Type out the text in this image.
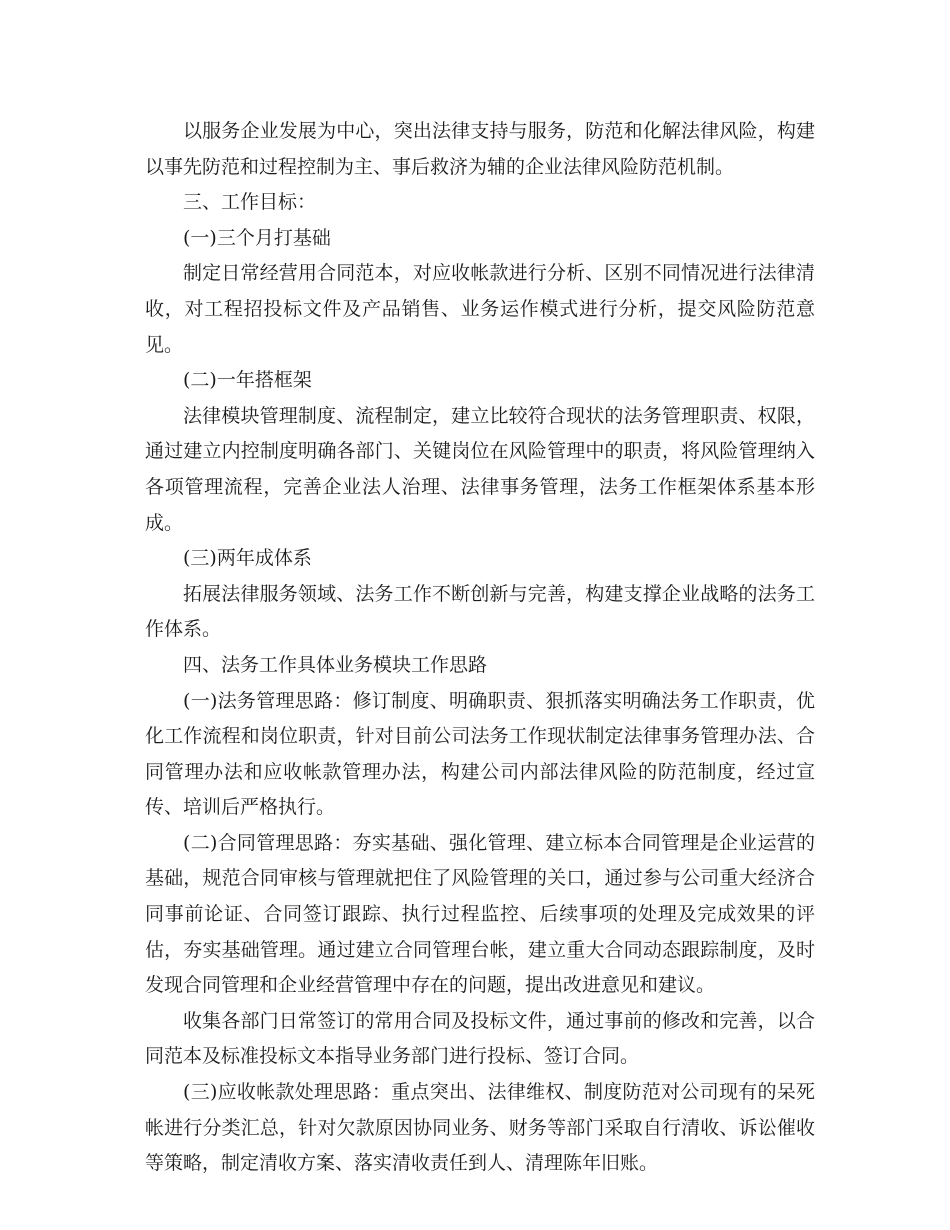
以服务企业发展为中心，突出法律支持与服务，防范和化解法律风险，构建以事先防范和过程控制为主、事后救济为辅的企业法律风险防范机制。

三、工作目标：

(一)三个月打基础

制定日常经营用合同范本，对应收帐款进行分析、区别不同情况进行法律清收，对工程招投标文件及产品销售、业务运作模式进行分析，提交风险防范意见。

(二)一年搭框架

法律模块管理制度、流程制定，建立比较符合现状的法务管理职责、权限，通过建立内控制度明确各部门、关键岗位在风险管理中的职责，将风险管理纳入各项管理流程，完善企业法人治理、法律事务管理，法务工作框架体系基本形成。

(三)两年成体系

拓展法律服务领域、法务工作不断创新与完善，构建支撑企业战略的法务工作体系。

四、法务工作具体业务模块工作思路

(一)法务管理思路：修订制度、明确职责、狠抓落实明确法务工作职责，优化工作流程和岗位职责，针对目前公司法务工作现状制定法律事务管理办法、合同管理办法和应收帐款管理办法，构建公司内部法律风险的防范制度，经过宣传、培训后严格执行。

(二)合同管理思路：夯实基础、强化管理、建立标本合同管理是企业运营的基础，规范合同审核与管理就把住了风险管理的关口，通过参与公司重大经济合同事前论证、合同签订跟踪、执行过程监控、后续事项的处理及完成效果的评估，夯实基础管理。通过建立合同管理台帐，建立重大合同动态跟踪制度，及时发现合同管理和企业经营管理中存在的问题，提出改进意见和建议。

收集各部门日常签订的常用合同及投标文件，通过事前的修改和完善，以合同范本及标准投标文本指导业务部门进行投标、签订合同。

(三)应收帐款处理思路：重点突出、法律维权、制度防范对公司现有的呆死帐进行分类汇总，针对欠款原因协同业务、财务等部门采取自行清收、诉讼催收等策略，制定清收方案、落实清收责任到人、清理陈年旧账。
